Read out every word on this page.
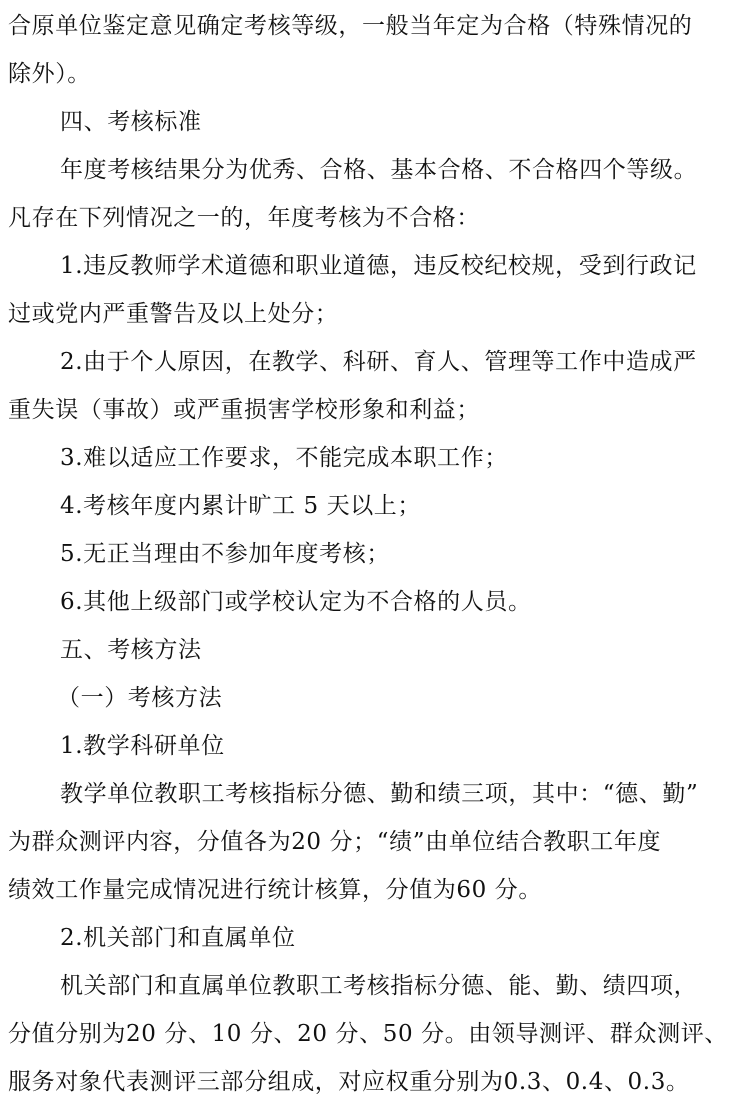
合原单位鉴定意见确定考核等级，一般当年定为合格（特殊情况的
除外）。
四、考核标准
年度考核结果分为优秀、合格、基本合格、不合格四个等级。
凡存在下列情况之一的，年度考核为不合格：
1.违反教师学术道德和职业道德，违反校纪校规，受到行政记
过或党内严重警告及以上处分；
2.由于个人原因，在教学、科研、育人、管理等工作中造成严
重失误（事故）或严重损害学校形象和利益；
3.难以适应工作要求，不能完成本职工作；
4.考核年度内累计旷工 5 天以上；
5.无正当理由不参加年度考核；
6.其他上级部门或学校认定为不合格的人员。
五、考核方法
（一）考核方法
1.教学科研单位
教学单位教职工考核指标分德、勤和绩三项，其中：“德、勤”
为群众测评内容，分值各为20 分；“绩”由单位结合教职工年度
绩效工作量完成情况进行统计核算，分值为60 分。
2.机关部门和直属单位
机关部门和直属单位教职工考核指标分德、能、勤、绩四项，
分值分别为20 分、10 分、20 分、50 分。由领导测评、群众测评、
服务对象代表测评三部分组成，对应权重分别为0.3、0.4、0.3。
